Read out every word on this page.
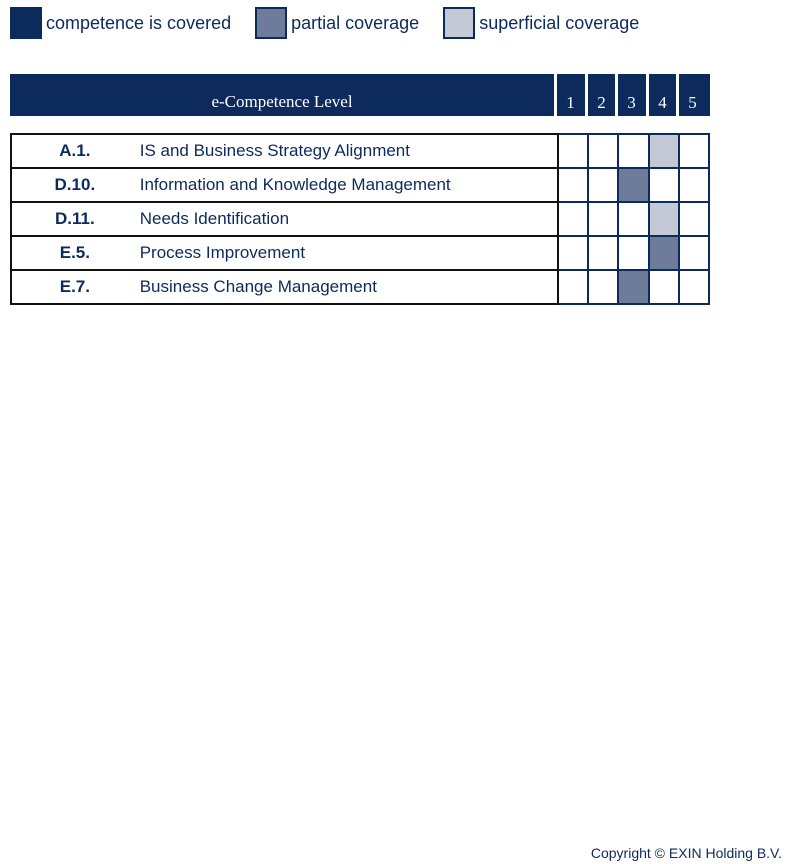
competence is covered	partial coverage	superficial coverage
e-Competence Level	1	2	3	4	5
A.1.	IS and Business Strategy Alignment					
D.10.	Information and Knowledge Management					
D.11.	Needs Identification					
E.5.	Process Improvement					
E.7.	Business Change Management					
Copyright © EXIN Holding B.V.
